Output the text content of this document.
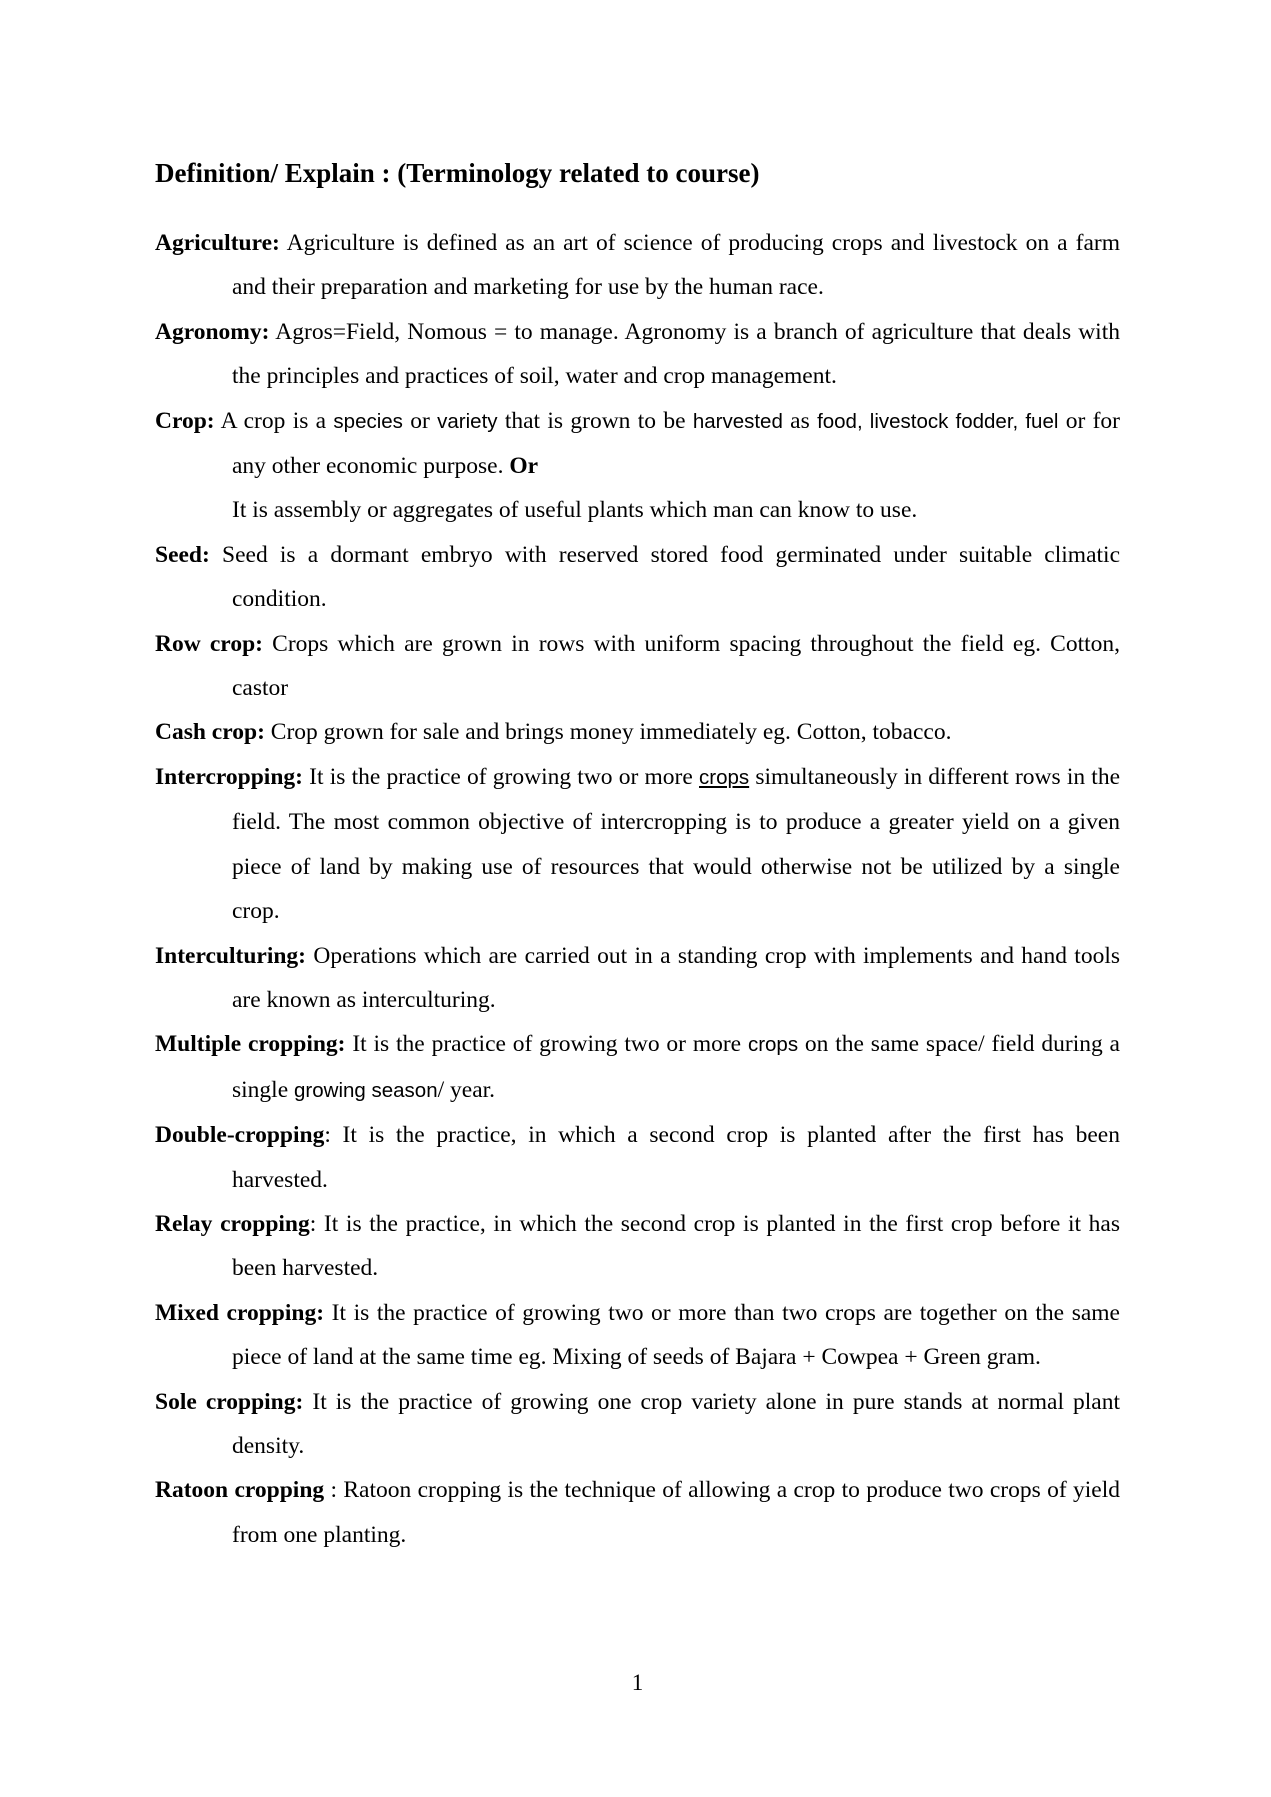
Definition/ Explain : (Terminology related to course)

Agriculture: Agriculture is defined as an art of science of producing crops and livestock on a farm and their preparation and marketing for use by the human race.

Agronomy: Agros=Field, Nomous = to manage. Agronomy is a branch of agriculture that deals with the principles and practices of soil, water and crop management.

Crop: A crop is a species or variety that is grown to be harvested as food, livestock fodder, fuel or for any other economic purpose. Or
It is assembly or aggregates of useful plants which man can know to use.

Seed: Seed is a dormant embryo with reserved stored food germinated under suitable climatic condition.

Row crop: Crops which are grown in rows with uniform spacing throughout the field eg. Cotton, castor

Cash crop: Crop grown for sale and brings money immediately eg. Cotton, tobacco.

Intercropping: It is the practice of growing two or more crops simultaneously in different rows in the field. The most common objective of intercropping is to produce a greater yield on a given piece of land by making use of resources that would otherwise not be utilized by a single crop.

Interculturing: Operations which are carried out in a standing crop with implements and hand tools are known as interculturing.

Multiple cropping: It is the practice of growing two or more crops on the same space/ field during a single growing season/ year.

Double-cropping: It is the practice, in which a second crop is planted after the first has been harvested.

Relay cropping: It is the practice, in which the second crop is planted in the first crop before it has been harvested.

Mixed cropping: It is the practice of growing two or more than two crops are together on the same piece of land at the same time eg. Mixing of seeds of Bajara + Cowpea + Green gram.

Sole cropping: It is the practice of growing one crop variety alone in pure stands at normal plant density.

Ratoon cropping : Ratoon cropping is the technique of allowing a crop to produce two crops of yield from one planting.

1
